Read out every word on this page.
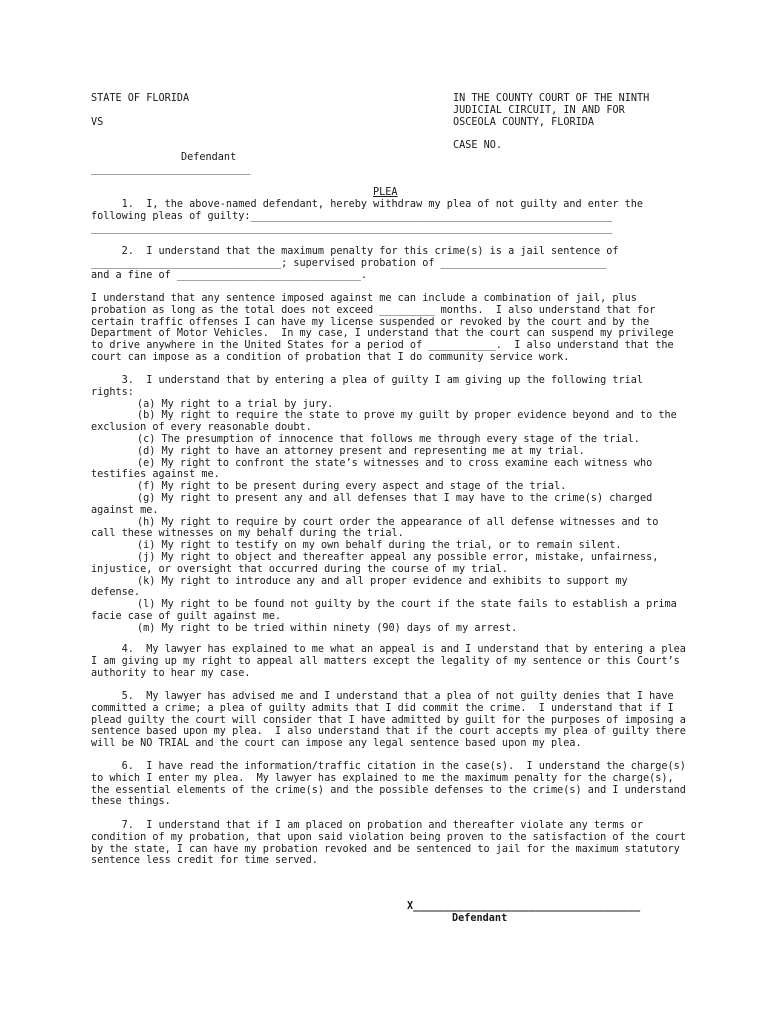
STATE OF FLORIDA
VS
Defendant
__________________________
IN THE COUNTY COURT OF THE NINTH
JUDICIAL CIRCUIT, IN AND FOR
OSCEOLA COUNTY, FLORIDA
CASE NO.
PLEA
1.  I, the above-named defendant, hereby withdraw my plea of not guilty and enter the
following pleas of guilty:___________________________________________________________
_____________________________________________________________________________________
2.  I understand that the maximum penalty for this crime(s) is a jail sentence of
_______________________________; supervised probation of ___________________________
and a fine of ______________________________.
I understand that any sentence imposed against me can include a combination of jail, plus
probation as long as the total does not exceed _________ months.  I also understand that for
certain traffic offenses I can have my license suspended or revoked by the court and by the
Department of Motor Vehicles.  In my case, I understand that the court can suspend my privilege
to drive anywhere in the United States for a period of ___________.  I also understand that the
court can impose as a condition of probation that I do community service work.
3.  I understand that by entering a plea of guilty I am giving up the following trial
rights:
(a) My right to a trial by jury.
(b) My right to require the state to prove my guilt by proper evidence beyond and to the
exclusion of every reasonable doubt.
(c) The presumption of innocence that follows me through every stage of the trial.
(d) My right to have an attorney present and representing me at my trial.
(e) My right to confront the state’s witnesses and to cross examine each witness who
testifies against me.
(f) My right to be present during every aspect and stage of the trial.
(g) My right to present any and all defenses that I may have to the crime(s) charged
against me.
(h) My right to require by court order the appearance of all defense witnesses and to
call these witnesses on my behalf during the trial.
(i) My right to testify on my own behalf during the trial, or to remain silent.
(j) My right to object and thereafter appeal any possible error, mistake, unfairness,
injustice, or oversight that occurred during the course of my trial.
(k) My right to introduce any and all proper evidence and exhibits to support my
defense.
(l) My right to be found not guilty by the court if the state fails to establish a prima
facie case of guilt against me.
(m) My right to be tried within ninety (90) days of my arrest.
4.  My lawyer has explained to me what an appeal is and I understand that by entering a plea
I am giving up my right to appeal all matters except the legality of my sentence or this Court’s
authority to hear my case.
5.  My lawyer has advised me and I understand that a plea of not guilty denies that I have
committed a crime; a plea of guilty admits that I did commit the crime.  I understand that if I
plead guilty the court will consider that I have admitted by guilt for the purposes of imposing a
sentence based upon my plea.  I also understand that if the court accepts my plea of guilty there
will be NO TRIAL and the court can impose any legal sentence based upon my plea.
6.  I have read the information/traffic citation in the case(s).  I understand the charge(s)
to which I enter my plea.  My lawyer has explained to me the maximum penalty for the charge(s),
the essential elements of the crime(s) and the possible defenses to the crime(s) and I understand
these things.
7.  I understand that if I am placed on probation and thereafter violate any terms or
condition of my probation, that upon said violation being proven to the satisfaction of the court
by the state, I can have my probation revoked and be sentenced to jail for the maximum statutory
sentence less credit for time served.
X_____________________________________
Defendant
